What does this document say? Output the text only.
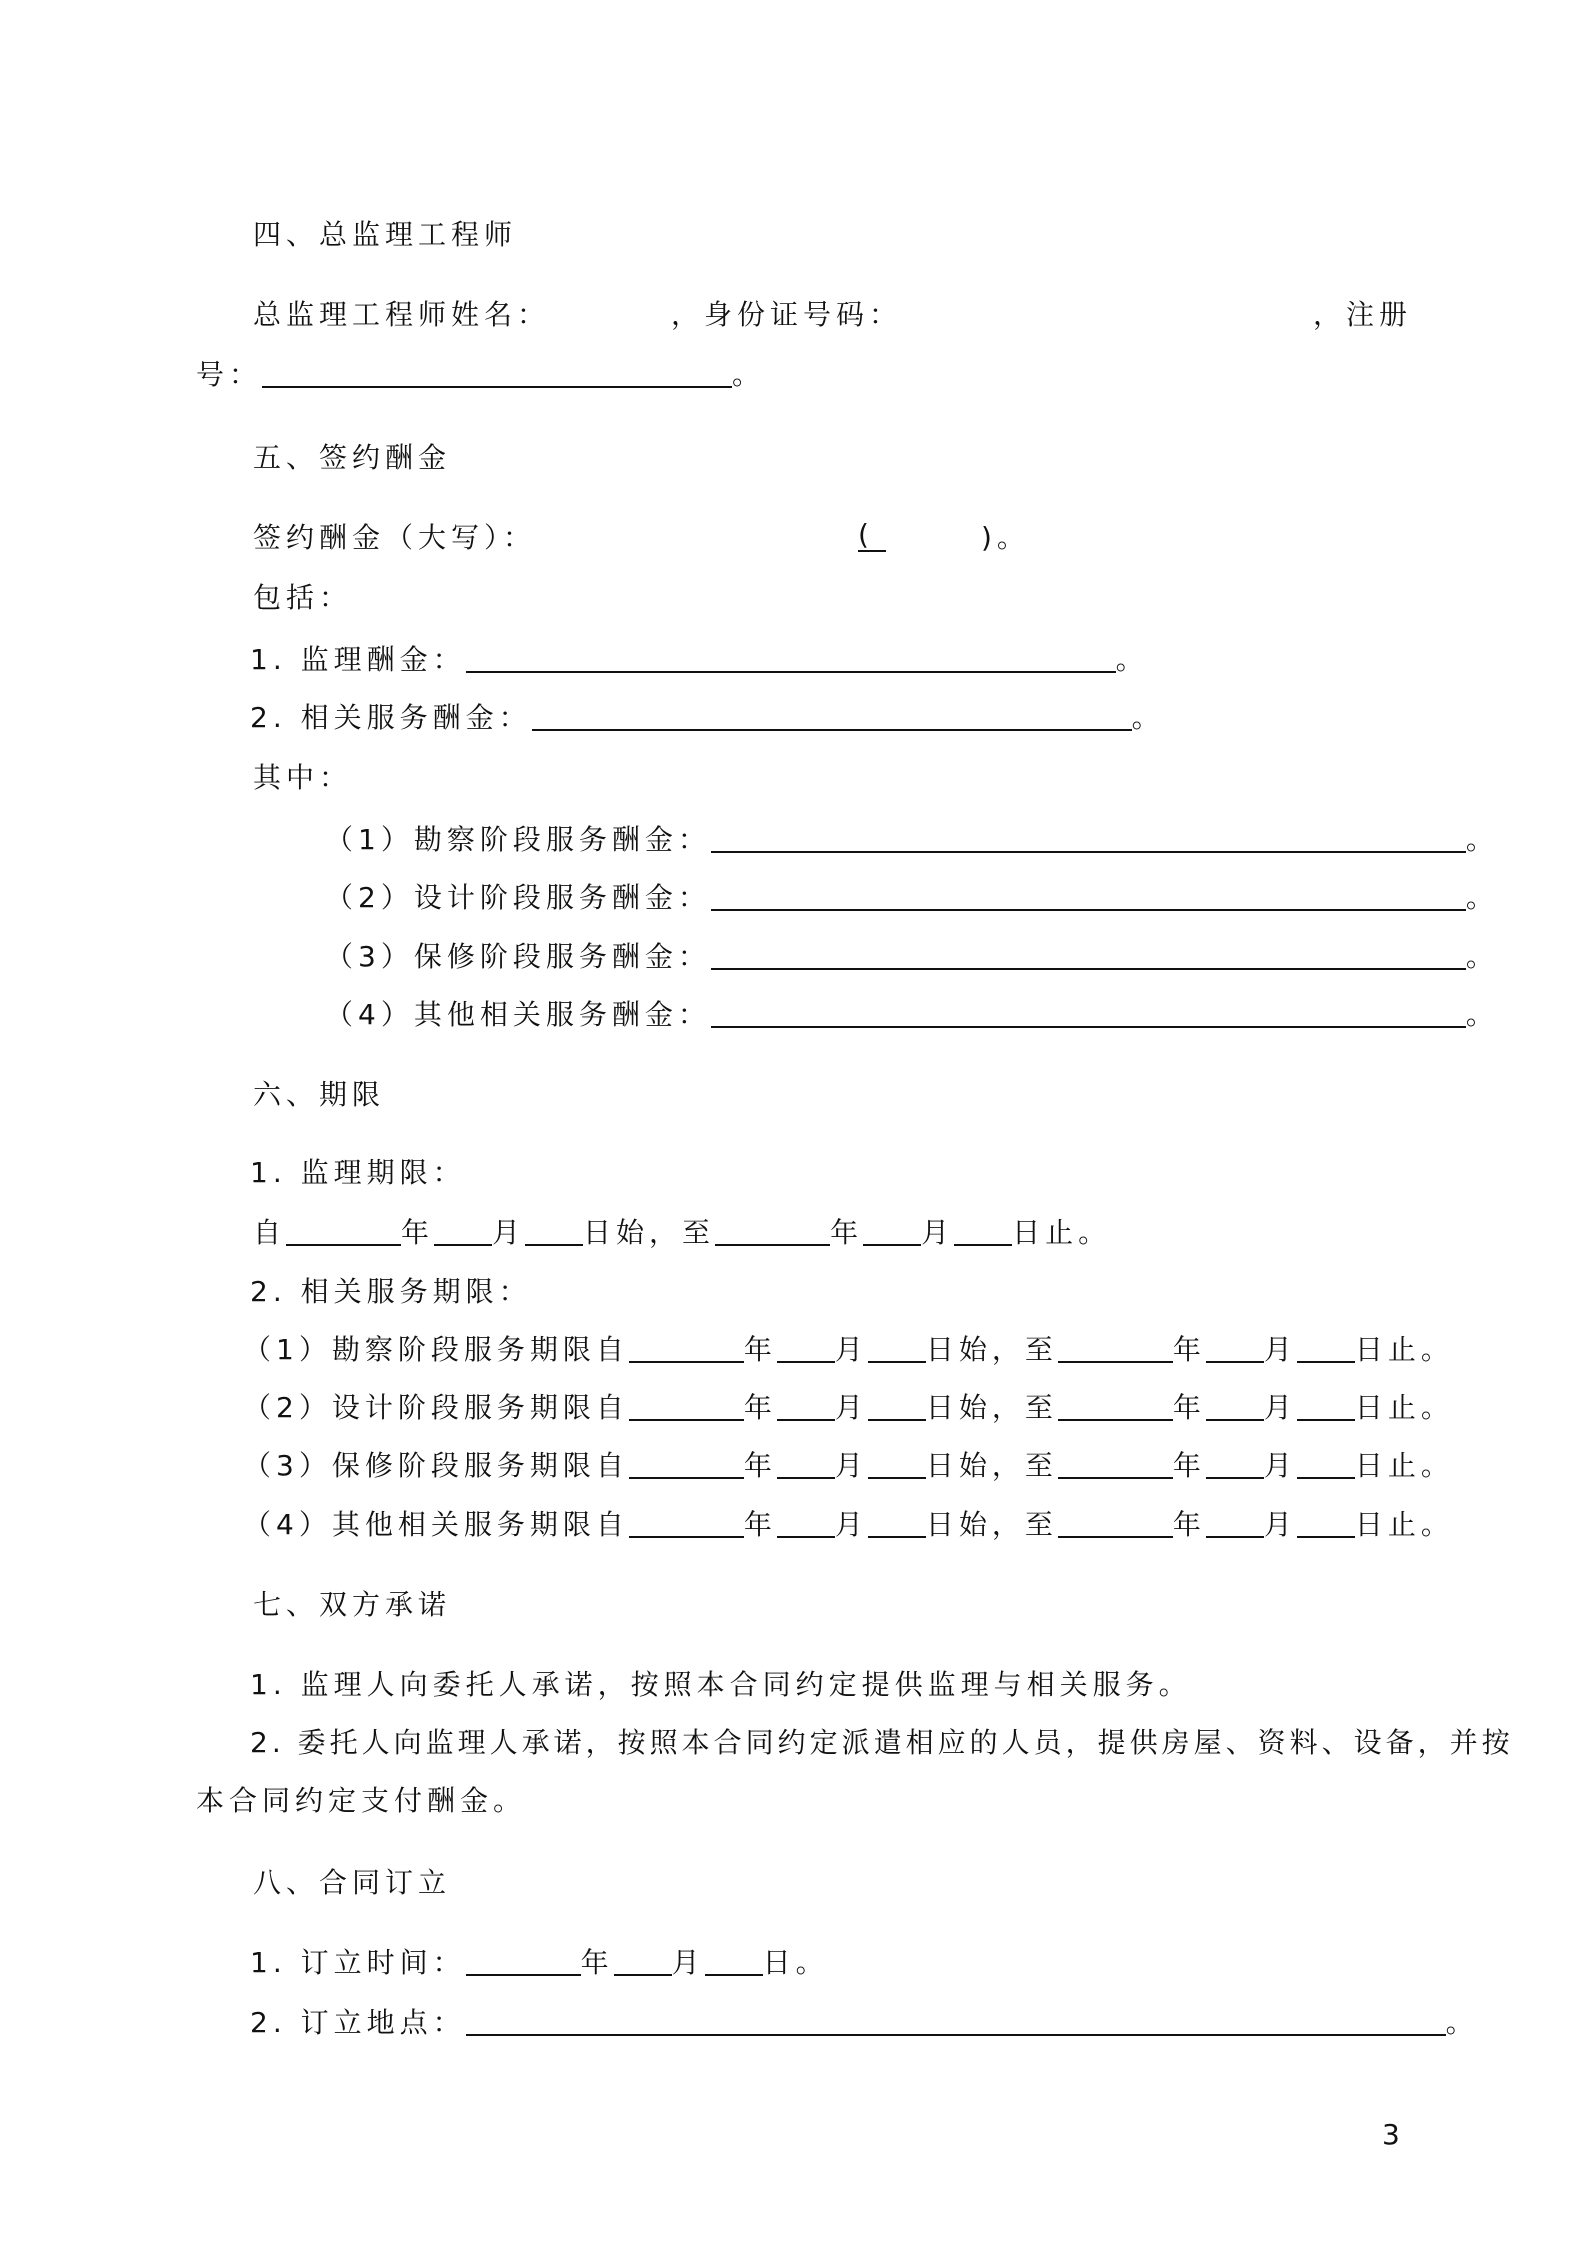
四、总监理工程师
总监理工程师姓名：	，身份证号码：	，注册
号：	。
五、签约酬金
签约酬金（大写）：	(	)。
包括：
1. 监理酬金：	。
2. 相关服务酬金：	。
其中：
（1）勘察阶段服务酬金：	。
（2）设计阶段服务酬金：	。
（3）保修阶段服务酬金：	。
（4）其他相关服务酬金：	。
六、期限
1. 监理期限：
自	年 月 日始，至	年 月 日止。
2. 相关服务期限：
（1）勘察阶段服务期限自	年 月 日始，至	年 月 日止。
（2）设计阶段服务期限自	年 月 日始，至	年 月 日止。
（3）保修阶段服务期限自	年 月 日始，至	年 月 日止。
（4）其他相关服务期限自	年 月 日始，至	年 月 日止。
七、双方承诺
1. 监理人向委托人承诺，按照本合同约定提供监理与相关服务。
2. 委托人向监理人承诺，按照本合同约定派遣相应的人员，提供房屋、资料、设备，并按
本合同约定支付酬金。
八、合同订立
1. 订立时间：	年 月 日。
2. 订立地点：	。
3
